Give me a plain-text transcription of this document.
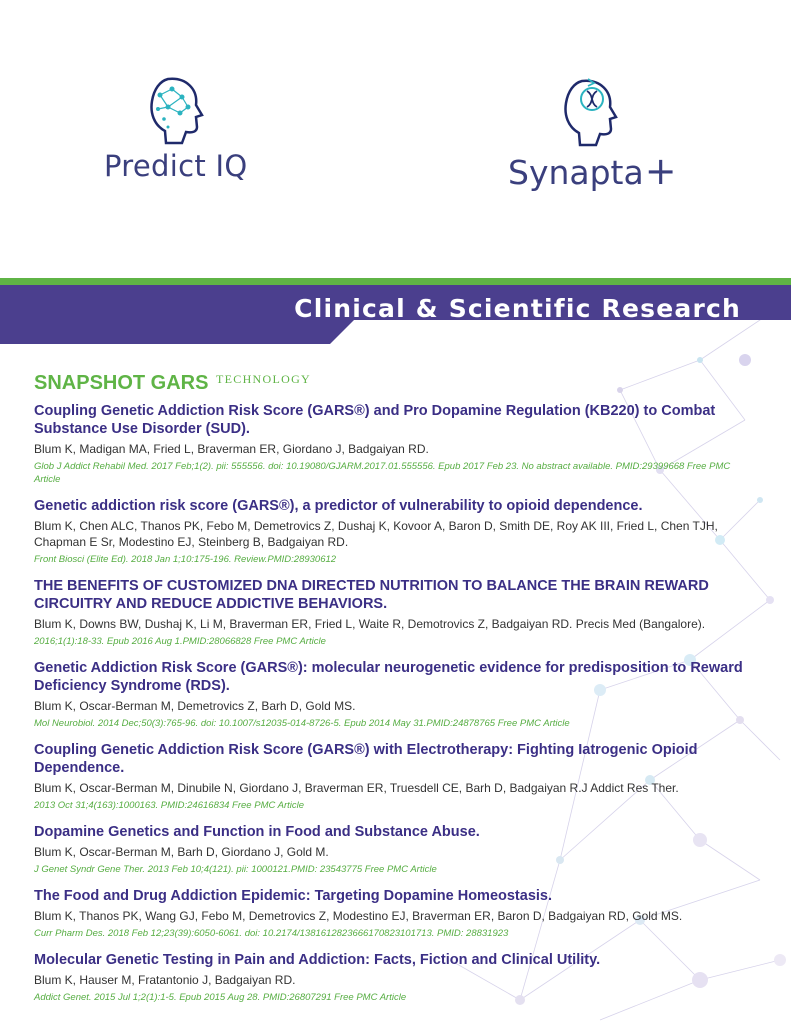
Predict IQ	Synapta+
Clinical & Scientific Research
SNAPSHOT GARS $^{TECHNOLOGY}$
Coupling Genetic Addiction Risk Score (GARS®) and Pro Dopamine Regulation (KB220) to Combat Substance Use Disorder (SUD).
Blum K, Madigan MA, Fried L, Braverman ER, Giordano J, Badgaiyan RD.
Glob J Addict Rehabil Med. 2017 Feb;1(2). pii: 555556. doi: 10.19080/GJARM.2017.01.555556. Epub 2017 Feb 23. No abstract available. PMID:29399668 Free PMC Article
Genetic addiction risk score (GARS®), a predictor of vulnerability to opioid dependence.
Blum K, Chen ALC, Thanos PK, Febo M, Demetrovics Z, Dushaj K, Kovoor A, Baron D, Smith DE, Roy AK III, Fried L, Chen TJH, Chapman E Sr, Modestino EJ, Steinberg B, Badgaiyan RD.
Front Biosci (Elite Ed). 2018 Jan 1;10:175-196. Review.PMID:28930612
THE BENEFITS OF CUSTOMIZED DNA DIRECTED NUTRITION TO BALANCE THE BRAIN REWARD CIRCUITRY AND REDUCE ADDICTIVE BEHAVIORS.
Blum K, Downs BW, Dushaj K, Li M, Braverman ER, Fried L, Waite R, Demotrovics Z, Badgaiyan RD. Precis Med (Bangalore).
2016;1(1):18-33. Epub 2016 Aug 1.PMID:28066828 Free PMC Article
Genetic Addiction Risk Score (GARS®): molecular neurogenetic evidence for predisposition to Reward Deficiency Syndrome (RDS).
Blum K, Oscar-Berman M, Demetrovics Z, Barh D, Gold MS.
Mol Neurobiol. 2014 Dec;50(3):765-96. doi: 10.1007/s12035-014-8726-5. Epub 2014 May 31.PMID:24878765 Free PMC Article
Coupling Genetic Addiction Risk Score (GARS®) with Electrotherapy: Fighting Iatrogenic Opioid Dependence.
Blum K, Oscar-Berman M, Dinubile N, Giordano J, Braverman ER, Truesdell CE, Barh D, Badgaiyan R.J Addict Res Ther.
2013 Oct 31;4(163):1000163. PMID:24616834 Free PMC Article
Dopamine Genetics and Function in Food and Substance Abuse.
Blum K, Oscar-Berman M, Barh D, Giordano J, Gold M.
J Genet Syndr Gene Ther. 2013 Feb 10;4(121). pii: 1000121.PMID: 23543775 Free PMC Article
The Food and Drug Addiction Epidemic: Targeting Dopamine Homeostasis.
Blum K, Thanos PK, Wang GJ, Febo M, Demetrovics Z, Modestino EJ, Braverman ER, Baron D, Badgaiyan RD, Gold MS.
Curr Pharm Des. 2018 Feb 12;23(39):6050-6061. doi: 10.2174/1381612823666170823101713. PMID: 28831923
Molecular Genetic Testing in Pain and Addiction: Facts, Fiction and Clinical Utility.
Blum K, Hauser M, Fratantonio J, Badgaiyan RD.
Addict Genet. 2015 Jul 1;2(1):1-5. Epub 2015 Aug 28. PMID:26807291 Free PMC Article
